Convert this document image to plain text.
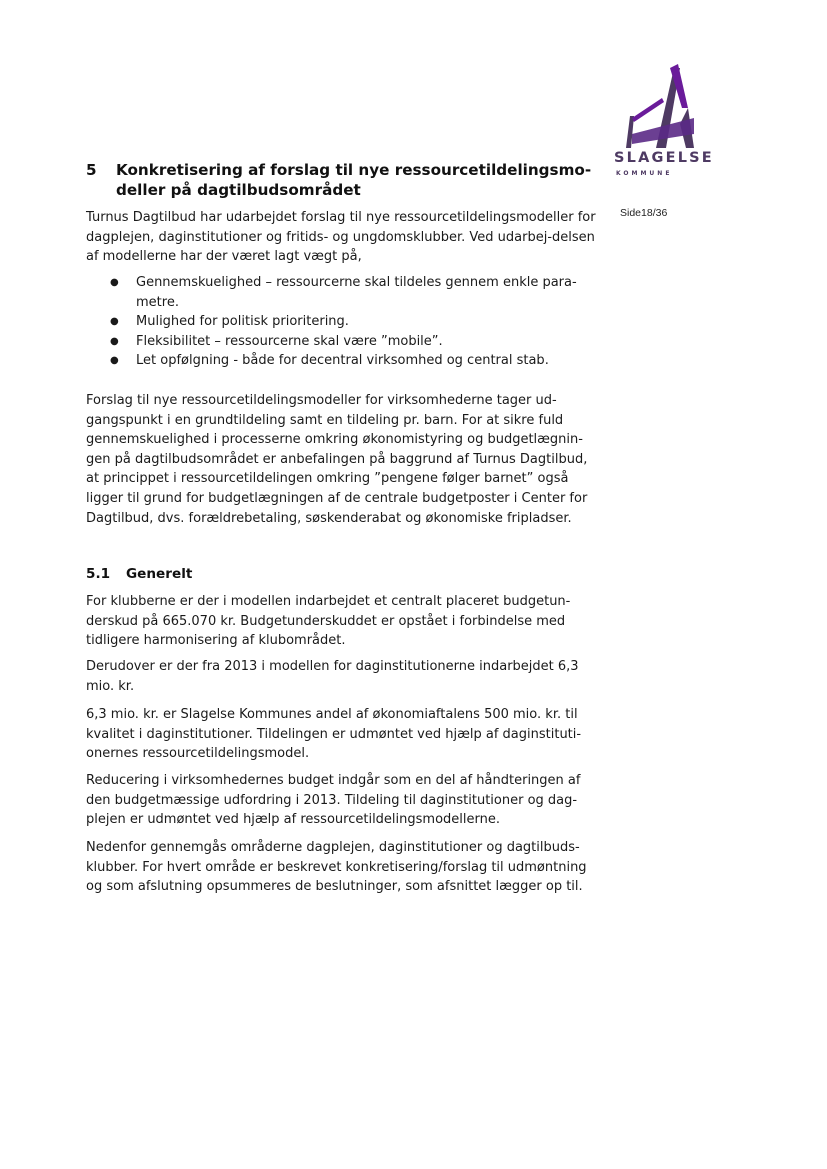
SLAGELSE
KOMMUNE
Side18/36
5 Konkretisering af forslag til nye ressourcetildelingsmo-deller på dagtilbudsområdet

Turnus Dagtilbud har udarbejdet forslag til nye ressourcetildelingsmodeller for dagplejen, daginstitutioner og fritids- og ungdomsklubber. Ved udarbej-delsen af modellerne har der været lagt vægt på,

● Gennemskuelighed – ressourcerne skal tildeles gennem enkle para-metre.
● Mulighed for politisk prioritering.
● Fleksibilitet – ressourcerne skal være ”mobile”.
● Let opfølgning - både for decentral virksomhed og central stab.

Forslag til nye ressourcetildelingsmodeller for virksomhederne tager ud-gangspunkt i en grundtildeling samt en tildeling pr. barn. For at sikre fuld gennemskuelighed i processerne omkring økonomistyring og budgetlægnin-gen på dagtilbudsområdet er anbefalingen på baggrund af Turnus Dagtilbud, at princippet i ressourcetildelingen omkring ”pengene følger barnet” også ligger til grund for budgetlægningen af de centrale budgetposter i Center for Dagtilbud, dvs. forældrebetaling, søskenderabat og økonomiske fripladser.

5.1 Generelt

For klubberne er der i modellen indarbejdet et centralt placeret budgetun-derskud på 665.070 kr. Budgetunderskuddet er opstået i forbindelse med tidligere harmonisering af klubområdet.

Derudover er der fra 2013 i modellen for daginstitutionerne indarbejdet 6,3 mio. kr.

6,3 mio. kr. er Slagelse Kommunes andel af økonomiaftalens 500 mio. kr. til kvalitet i daginstitutioner. Tildelingen er udmøntet ved hjælp af daginstituti-onernes ressourcetildelingsmodel.

Reducering i virksomhedernes budget indgår som en del af håndteringen af den budgetmæssige udfordring i 2013. Tildeling til daginstitutioner og dag-plejen er udmøntet ved hjælp af ressourcetildelingsmodellerne.

Nedenfor gennemgås områderne dagplejen, daginstitutioner og dagtilbuds-klubber. For hvert område er beskrevet konkretisering/forslag til udmøntning og som afslutning opsummeres de beslutninger, som afsnittet lægger op til.
